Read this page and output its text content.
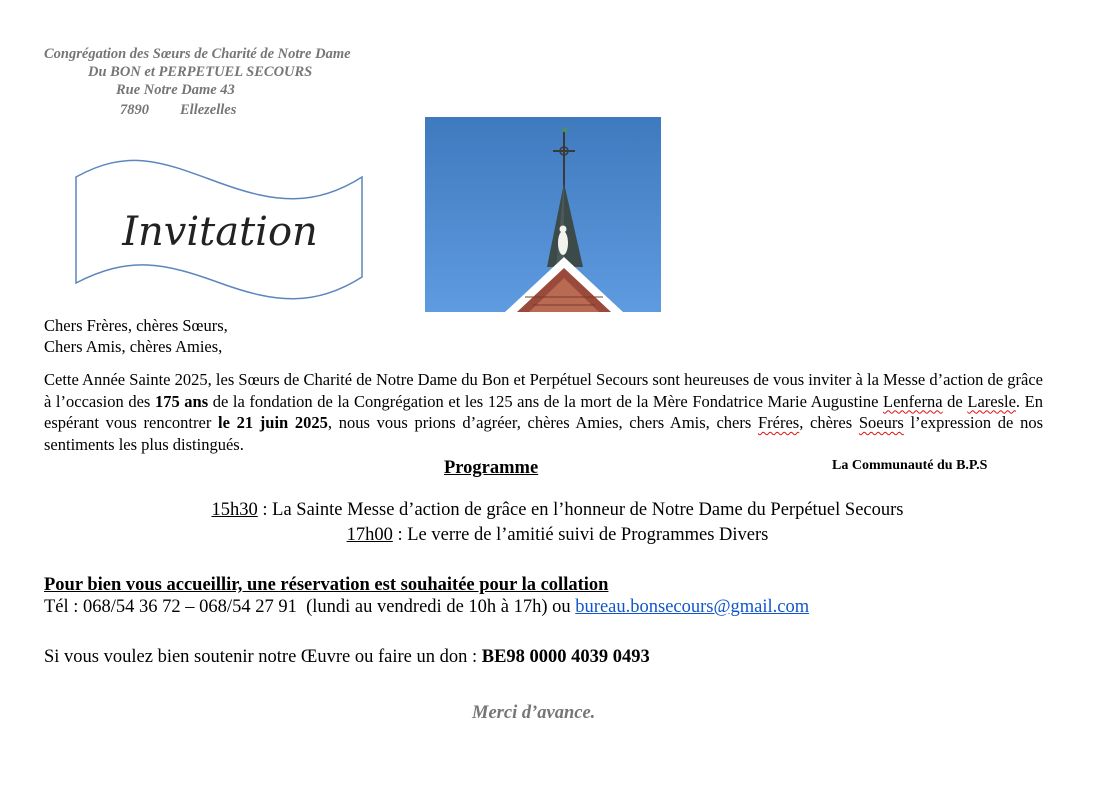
Congrégation des Sœurs de Charité de Notre Dame
Du BON et PERPETUEL SECOURS
Rue Notre Dame 43
7890 Ellezelles
Invitation
Chers Frères, chères Sœurs,
Chers Amis, chères Amies,
Cette Année Sainte 2025, les Sœurs de Charité de Notre Dame du Bon et Perpétuel Secours sont heureuses de vous inviter à la Messe d’action de grâce à l’occasion des 175 ans de la fondation de la Congrégation et les 125 ans de la mort de la Mère Fondatrice Marie Augustine Lenferna de Laresle. En espérant vous rencontrer le 21 juin 2025, nous vous prions d’agréer, chères Amies, chers Amis, chers Fréres, chères Soeurs l’expression de nos sentiments les plus distingués.
Programme	La Communauté du B.P.S
15h30 : La Sainte Messe d’action de grâce en l’honneur de Notre Dame du Perpétuel Secours
17h00 : Le verre de l’amitié suivi de Programmes Divers
Pour bien vous accueillir, une réservation est souhaitée pour la collation
Tél : 068/54 36 72 – 068/54 27 91  (lundi au vendredi de 10h à 17h) ou bureau.bonsecours@gmail.com
Si vous voulez bien soutenir notre Œuvre ou faire un don : BE98 0000 4039 0493
Merci d’avance.
